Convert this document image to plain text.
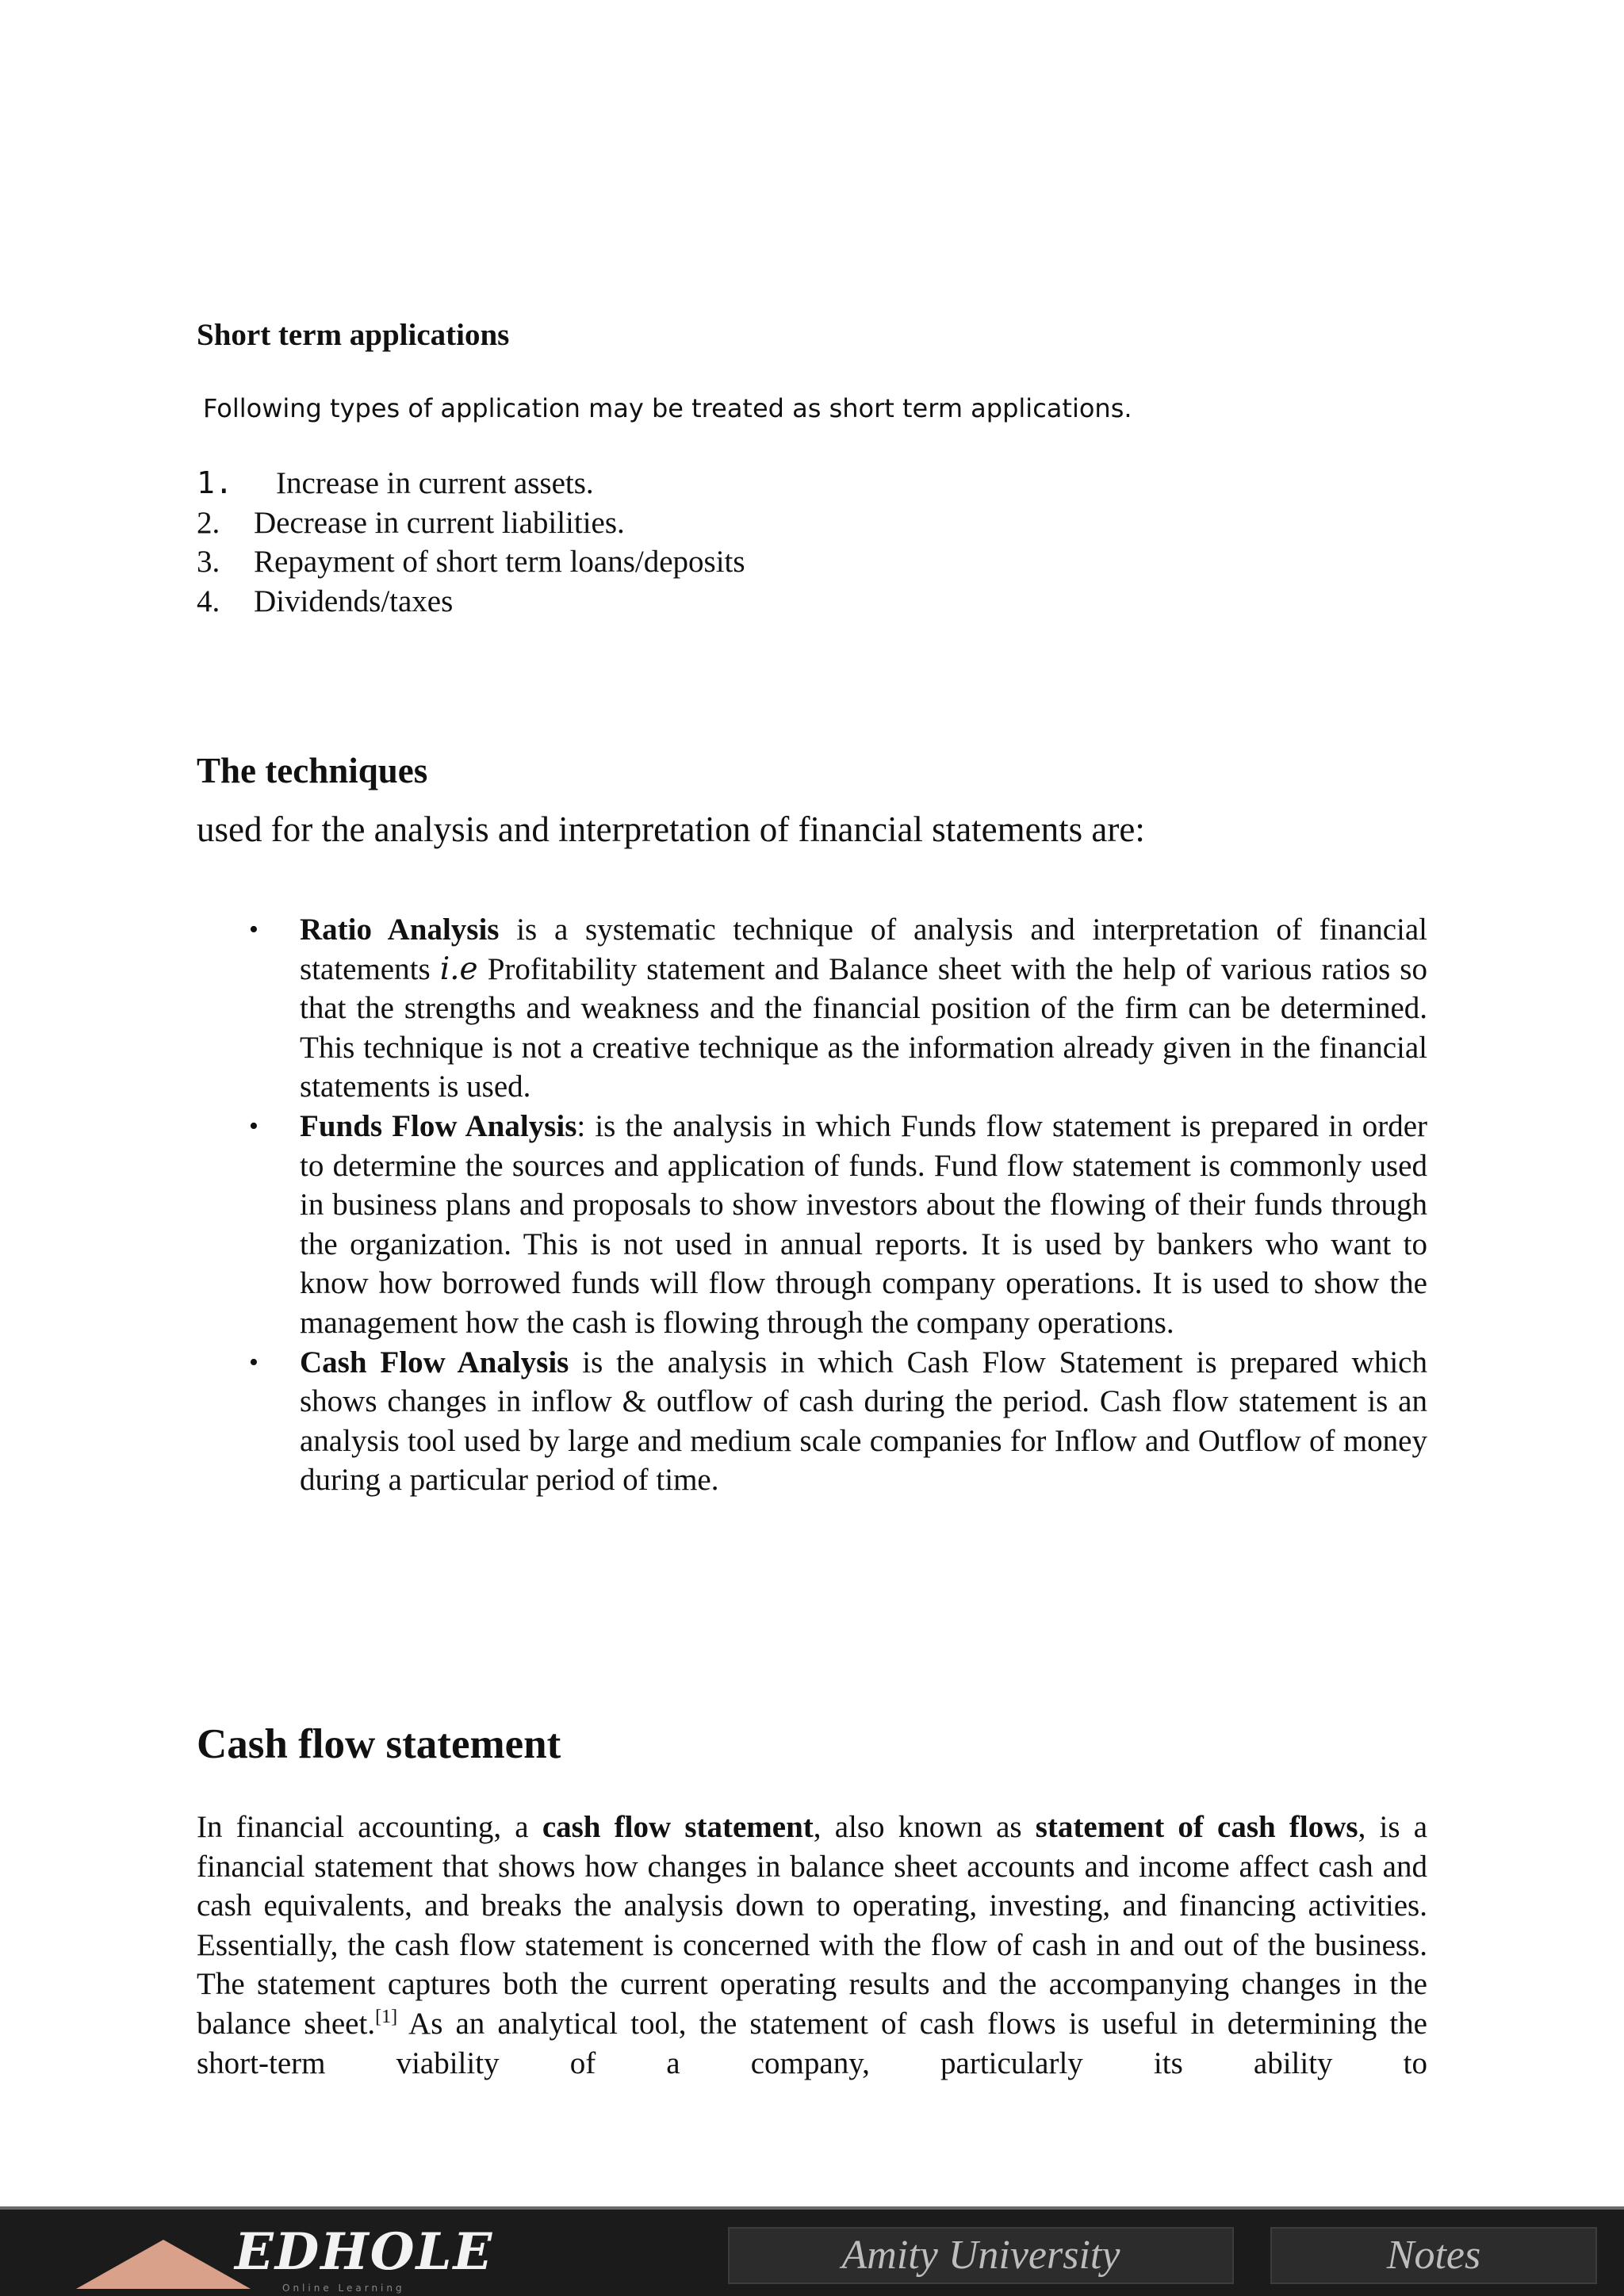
Short term applications
Following types of application may be treated as short term applications.
1.	Increase in current assets.
2.	Decrease in current liabilities.
3.	Repayment of short term loans/deposits
4.	Dividends/taxes
The techniques
used for the analysis and interpretation of financial statements are:
•	Ratio Analysis is a systematic technique of analysis and interpretation of financial statements i.e Profitability statement and Balance sheet with the help of various ratios so that the strengths and weakness and the financial position of the firm can be determined. This technique is not a creative technique as the information already given in the financial statements is used.
•	Funds Flow Analysis: is the analysis in which Funds flow statement is prepared in order to determine the sources and application of funds. Fund flow statement is commonly used in business plans and proposals to show investors about the flowing of their funds through the organization. This is not used in annual reports. It is used by bankers who want to know how borrowed funds will flow through company operations. It is used to show the management how the cash is flowing through the company operations.
•	Cash Flow Analysis is the analysis in which Cash Flow Statement is prepared which shows changes in inflow & outflow of cash during the period. Cash flow statement is an analysis tool used by large and medium scale companies for Inflow and Outflow of money during a particular period of time.
Cash flow statement
In financial accounting, a cash flow statement, also known as statement of cash flows, is a financial statement that shows how changes in balance sheet accounts and income affect cash and cash equivalents, and breaks the analysis down to operating, investing, and financing activities. Essentially, the cash flow statement is concerned with the flow of cash in and out of the business. The statement captures both the current operating results and the accompanying changes in the balance sheet.[1] As an analytical tool, the statement of cash flows is useful in determining the short-term viability of a company, particularly its ability to
EDHOLE
Online Learning
Amity University	Notes
